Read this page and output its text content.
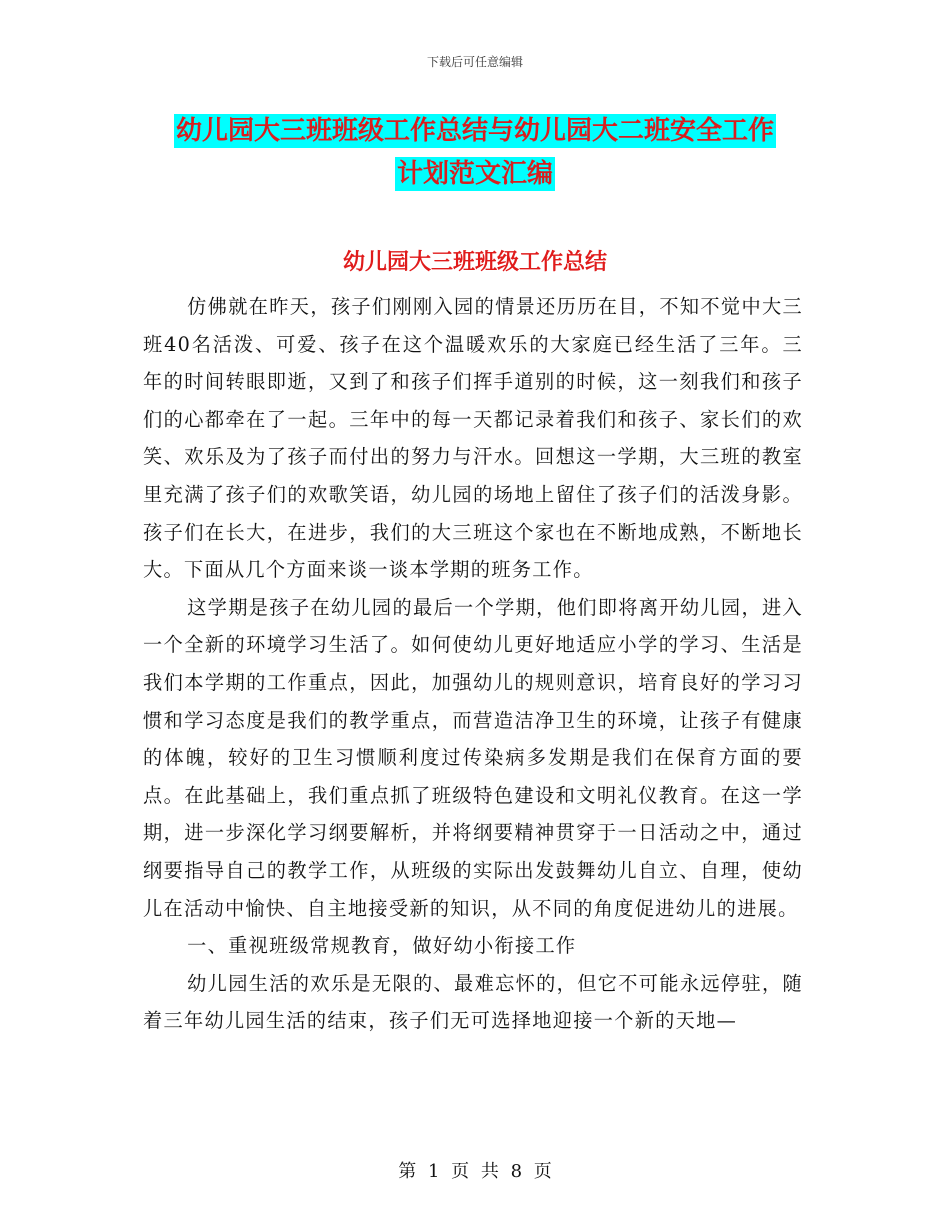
下载后可任意编辑
幼儿园大三班班级工作总结与幼儿园大二班安全工作
计划范文汇编
幼儿园大三班班级工作总结

仿佛就在昨天，孩子们刚刚入园的情景还历历在目，不知不觉中大三班40名活泼、可爱、孩子在这个温暖欢乐的大家庭已经生活了三年。三年的时间转眼即逝，又到了和孩子们挥手道别的时候，这一刻我们和孩子们的心都牵在了一起。三年中的每一天都记录着我们和孩子、家长们的欢笑、欢乐及为了孩子而付出的努力与汗水。回想这一学期，大三班的教室里充满了孩子们的欢歌笑语，幼儿园的场地上留住了孩子们的活泼身影。孩子们在长大，在进步，我们的大三班这个家也在不断地成熟，不断地长大。下面从几个方面来谈一谈本学期的班务工作。

这学期是孩子在幼儿园的最后一个学期，他们即将离开幼儿园，进入一个全新的环境学习生活了。如何使幼儿更好地适应小学的学习、生活是我们本学期的工作重点，因此，加强幼儿的规则意识，培育良好的学习习惯和学习态度是我们的教学重点，而营造洁净卫生的环境，让孩子有健康的体魄，较好的卫生习惯顺利度过传染病多发期是我们在保育方面的要点。在此基础上，我们重点抓了班级特色建设和文明礼仪教育。在这一学期，进一步深化学习纲要解析，并将纲要精神贯穿于一日活动之中，通过纲要指导自己的教学工作，从班级的实际出发鼓舞幼儿自立、自理，使幼儿在活动中愉快、自主地接受新的知识，从不同的角度促进幼儿的进展。

一、重视班级常规教育，做好幼小衔接工作

幼儿园生活的欢乐是无限的、最难忘怀的，但它不可能永远停驻，随着三年幼儿园生活的结束，孩子们无可选择地迎接一个新的天地—

第 1 页 共 8 页
